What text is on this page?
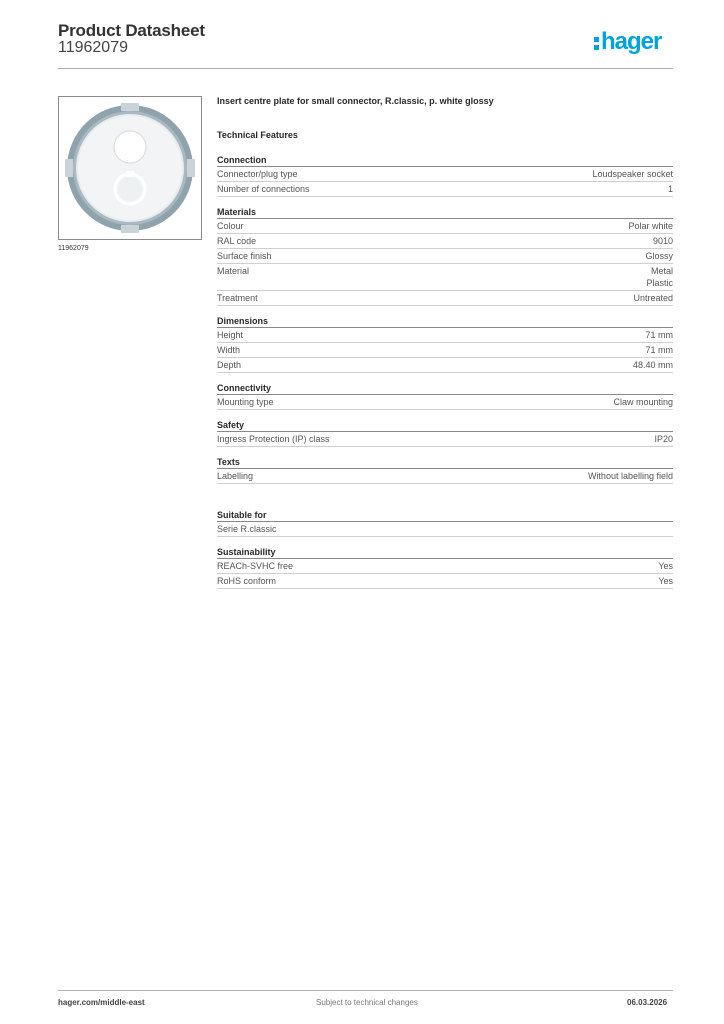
Product Datasheet
11962079	hager
11962079
Insert centre plate for small connector, R.classic, p. white glossy
Technical Features
Connection
Connector/plug type	Loudspeaker socket
Number of connections	1
Materials
Colour	Polar white
RAL code	9010
Surface finish	Glossy
Material	Metal
Plastic
Treatment	Untreated
Dimensions
Height	71 mm
Width	71 mm
Depth	48.40 mm
Connectivity
Mounting type	Claw mounting
Safety
Ingress Protection (IP) class	IP20
Texts
Labelling	Without labelling field
Suitable for
Serie R.classic
Sustainability
REACh-SVHC free	Yes
RoHS conform	Yes
hager.com/middle-east	Subject to technical changes	06.03.2026
